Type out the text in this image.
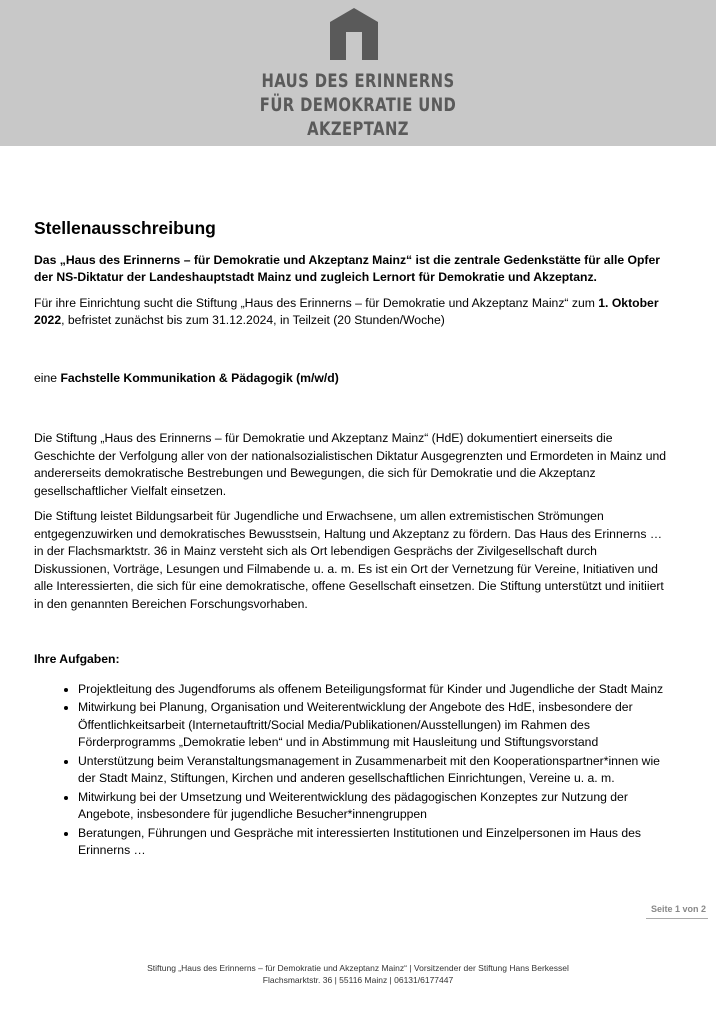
HAUS DES ERINNERNS
FÜR DEMOKRATIE UND
AKZEPTANZ
Stellenausschreibung

Das „Haus des Erinnerns – für Demokratie und Akzeptanz Mainz“ ist die zentrale Gedenkstätte für alle Opfer der NS-Diktatur der Landeshauptstadt Mainz und zugleich Lernort für Demokratie und Akzeptanz.

Für ihre Einrichtung sucht die Stiftung „Haus des Erinnerns – für Demokratie und Akzeptanz Mainz“ zum 1. Oktober 2022, befristet zunächst bis zum 31.12.2024, in Teilzeit (20 Stunden/Woche)

eine Fachstelle Kommunikation & Pädagogik (m/w/d)

Die Stiftung „Haus des Erinnerns – für Demokratie und Akzeptanz Mainz“ (HdE) dokumentiert einerseits die Geschichte der Verfolgung aller von der nationalsozialistischen Diktatur Ausgegrenzten und Ermordeten in Mainz und andererseits demokratische Bestrebungen und Bewegungen, die sich für Demokratie und die Akzeptanz gesellschaftlicher Vielfalt einsetzen.

Die Stiftung leistet Bildungsarbeit für Jugendliche und Erwachsene, um allen extremistischen Strömungen entgegenzuwirken und demokratisches Bewusstsein, Haltung und Akzeptanz zu fördern. Das Haus des Erinnerns … in der Flachsmarktstr. 36 in Mainz versteht sich als Ort lebendigen Gesprächs der Zivilgesellschaft durch Diskussionen, Vorträge, Lesungen und Filmabende u. a. m. Es ist ein Ort der Vernetzung für Vereine, Initiativen und alle Interessierten, die sich für eine demokratische, offene Gesellschaft einsetzen. Die Stiftung unterstützt und initiiert in den genannten Bereichen Forschungsvorhaben.

Ihre Aufgaben:

• Projektleitung des Jugendforums als offenem Beteiligungsformat für Kinder und Jugendliche der Stadt Mainz
• Mitwirkung bei Planung, Organisation und Weiterentwicklung der Angebote des HdE, insbesondere der Öffentlichkeitsarbeit (Internetauftritt/Social Media/Publikationen/Ausstellungen) im Rahmen des Förderprogramms „Demokratie leben“ und in Abstimmung mit Hausleitung und Stiftungsvorstand
• Unterstützung beim Veranstaltungsmanagement in Zusammenarbeit mit den Kooperationspartner*innen wie der Stadt Mainz, Stiftungen, Kirchen und anderen gesellschaftlichen Einrichtungen, Vereine u. a. m.
• Mitwirkung bei der Umsetzung und Weiterentwicklung des pädagogischen Konzeptes zur Nutzung der Angebote, insbesondere für jugendliche Besucher*innengruppen
• Beratungen, Führungen und Gespräche mit interessierten Institutionen und Einzelpersonen im Haus des Erinnerns …
Seite 1 von 2
Stiftung „Haus des Erinnerns – für Demokratie und Akzeptanz Mainz“ | Vorsitzender der Stiftung Hans Berkessel
Flachsmarktstr. 36 | 55116 Mainz | 06131/6177447
